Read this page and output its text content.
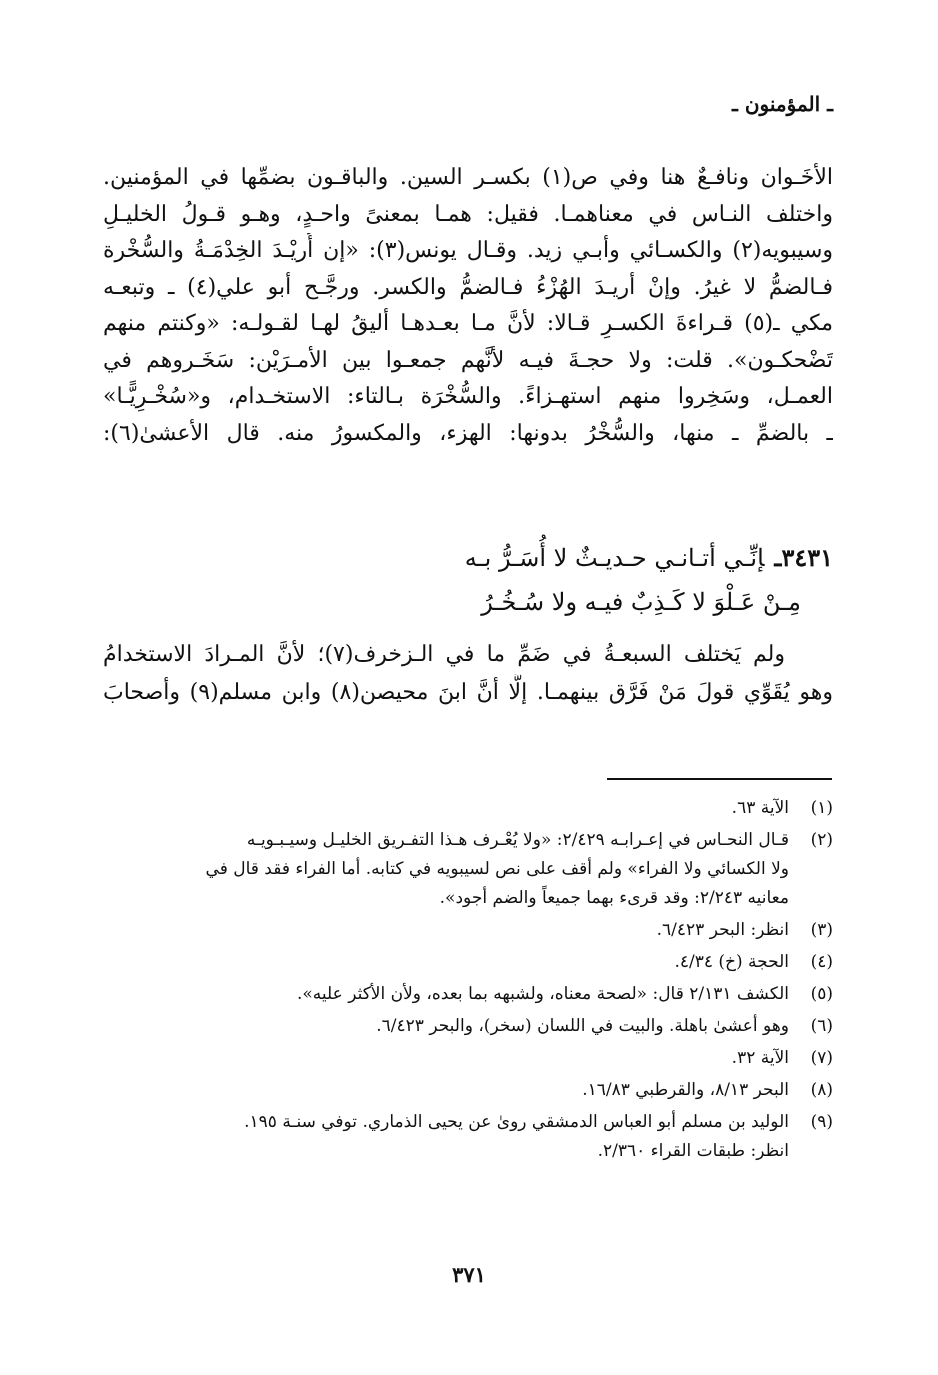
ـ المؤمنون ـ
الأخَـوان ونافـعٌ هنا وفي ص(١) بكسـر السين. والباقـون بضمِّها في المؤمنين.
واختلف النـاس في معناهمـا. فقيل: همـا بمعنىً واحـدٍ، وهـو قـولُ الخليـلِ
وسيبويه(٢) والكسـائي وأبـي زيد. وقـال يونس(٣): «إن أُريْـدَ الخِدْمَـةُ والسُّخْرة
فـالضمُّ لا غيرُ. وإنْ أريـدَ الهُزْءُ فـالضمُّ والكسر. ورجَّـح أبو علي(٤) ـ وتبعـه
مكي ـ(٥) قـراءةَ الكسـرِ قـالا: لأنَّ مـا بعـدهـا أليقُ لهـا لقـولـه: «وكنتم منهم
تَضْحكـون». قلت: ولا حجـةَ فيـه لأنَّهم جمعـوا بين الأمـرَيْن: سَخَـروهم في
العمـل، وسَخِروا منهم استهـزاءً. والسُّخْرَة بـالتاء: الاستخـدام، و«سُخْـرِيًّـا»
ـ بالضمِّ ـ منها، والسُّخْرُ بدونها: الهزء، والمكسورُ منه. قال الأعشىٰ(٦):
٣٤٣١ـإنِّـي أتـانـي حـديـثٌ لا أُسَـرُّ بـه
مِـنْ عَـلْوَ لا كَـذِبٌ فيـه ولا سُـخُـرُ
ولم يَختلف السبعـةُ في ضَمِّ ما في الـزخرف(٧)؛ لأنَّ المـرادَ الاستخدامُ
وهو يُقَوِّي قولَ مَنْ فَرَّق بينهمـا. إلَّا أنَّ ابنَ محيصن(٨) وابن مسلم(٩) وأصحابَ
(١)
الآية ٦٣.
(٢)
قـال النحـاس في إعـرابـه ٢/٤٢٩: «ولا يُعْـرف هـذا التفـريق الخليـل وسيـبـويـه
ولا الكسائي ولا الفراء» ولم أقف على نص لسيبويه في كتابه. أما الفراء فقد قال في
معانيه ٢/٢٤٣: وقد قرىء بهما جميعاً والضم أجود».
(٣)
انظر: البحر ٦/٤٢٣.
(٤)
الحجة (خ) ٤/٣٤.
(٥)
الكشف ٢/١٣١ قال: «لصحة معناه، ولشبهه بما بعده، ولأن الأكثر عليه».
(٦)
وهو أعشىٰ باهلة. والبيت في اللسان (سخر)، والبحر ٦/٤٢٣.
(٧)
الآية ٣٢.
(٨)
البحر ٨/١٣، والقرطبي ١٦/٨٣.
(٩)
الوليد بن مسلم أبو العباس الدمشقي روىٰ عن يحيى الذماري. توفي سنـة ١٩٥.
انظر: طبقات القراء ٢/٣٦٠.
٣٧١
